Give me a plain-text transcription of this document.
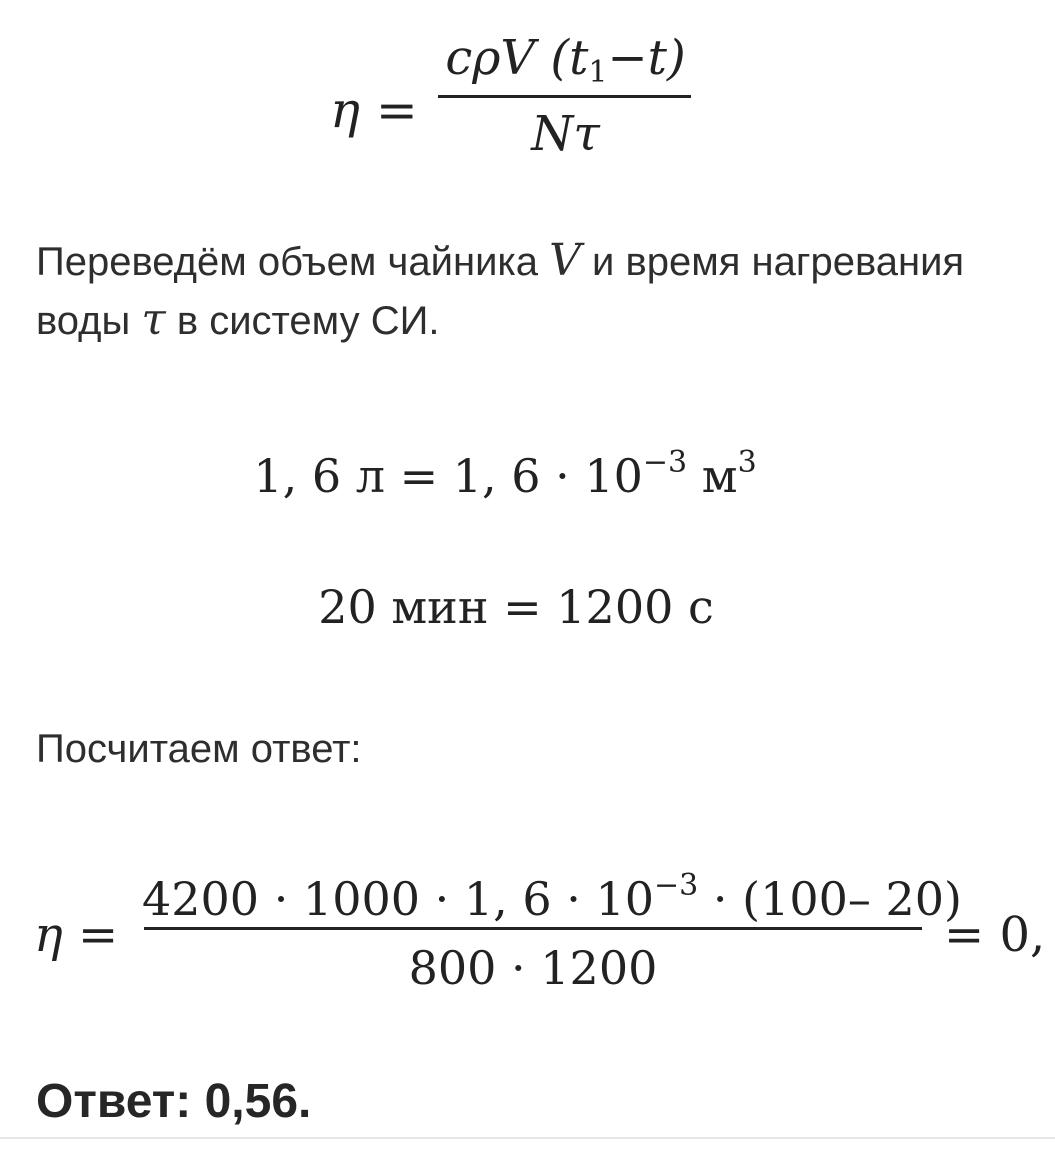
η =
cρV $(t_1-t)$
Nτ
Переведём объем чайника V и время нагревания воды τ в систему СИ.
1, 6 л = 1, $6 \cdot 10^{-3}$ $м^3$
20 мин = 1200 с
Посчитаем ответ:
η =
4200 · 1000 · 1, $6 \cdot 10^{-3} \cdot (100-$ 20)
800 · 1200
= 0,
Ответ: 0,56.
